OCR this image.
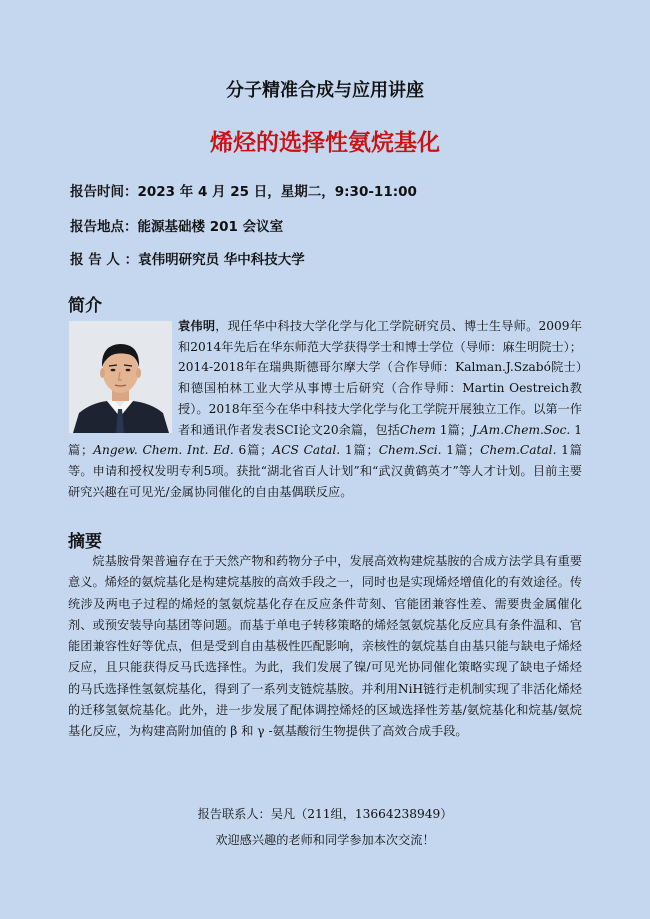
分子精准合成与应用讲座
烯烃的选择性氨烷基化
报告时间：2023 年 4 月 25 日，星期二，9:30-11:00
报告地点：能源基础楼 201 会议室
报 告 人 ：袁伟明研究员 华中科技大学
简介
袁伟明，现任华中科技大学化学与化工学院研究员、博士生导师。2009年和2014年先后在华东师范大学获得学士和博士学位（导师：麻生明院士）；2014-2018年在瑞典斯德哥尔摩大学（合作导师：Kalman.J.Szabó院士）和德国柏林工业大学从事博士后研究（合作导师：Martin Oestreich教授）。2018年至今在华中科技大学化学与化工学院开展独立工作。以第一作者和通讯作者发表SCI论文20余篇，包括Chem 1篇；J.Am.Chem.Soc. 1篇；Angew. Chem. Int. Ed. 6篇；ACS Catal. 1篇；Chem.Sci. 1篇；Chem.Catal. 1篇等。申请和授权发明专利5项。获批“湖北省百人计划”和“武汉黄鹤英才”等人才计划。目前主要研究兴趣在可见光/金属协同催化的自由基偶联反应。
摘要
烷基胺骨架普遍存在于天然产物和药物分子中，发展高效构建烷基胺的合成方法学具有重要意义。烯烃的氨烷基化是构建烷基胺的高效手段之一，同时也是实现烯烃增值化的有效途径。传统涉及两电子过程的烯烃的氢氨烷基化存在反应条件苛刻、官能团兼容性差、需要贵金属催化剂、或预安装导向基团等问题。而基于单电子转移策略的烯烃氢氨烷基化反应具有条件温和、官能团兼容性好等优点，但是受到自由基极性匹配影响，亲核性的氨烷基自由基只能与缺电子烯烃反应，且只能获得反马氏选择性。为此，我们发展了镍/可见光协同催化策略实现了缺电子烯烃的马氏选择性氢氨烷基化，得到了一系列支链烷基胺。并利用NiH链行走机制实现了非活化烯烃的迁移氢氨烷基化。此外，进一步发展了配体调控烯烃的区域选择性芳基/氨烷基化和烷基/氨烷基化反应，为构建高附加值的 β 和 γ -氨基酸衍生物提供了高效合成手段。
报告联系人：吴凡（211组，13664238949）
欢迎感兴趣的老师和同学参加本次交流！
